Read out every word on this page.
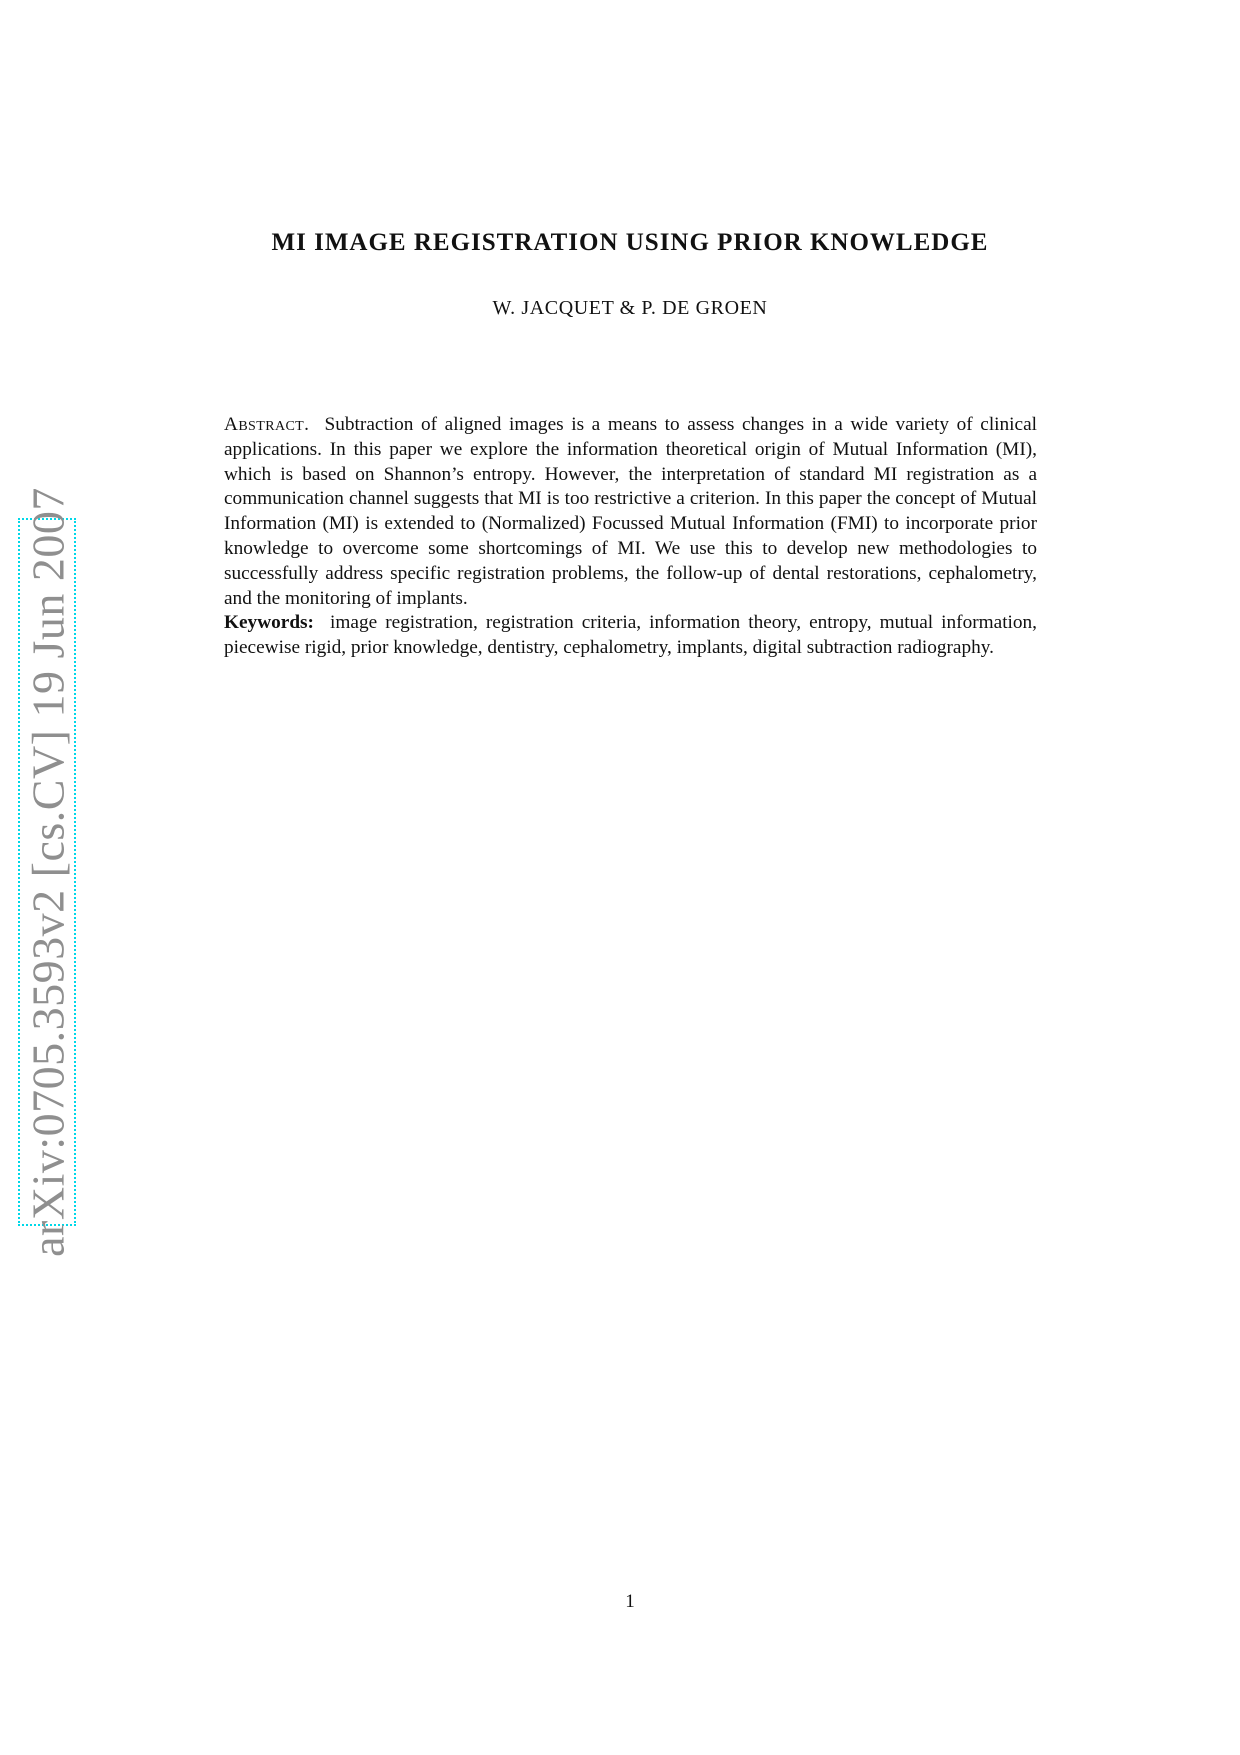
arXiv:0705.3593v2 [cs.CV] 19 Jun 2007
MI IMAGE REGISTRATION USING PRIOR KNOWLEDGE
W. JACQUET & P. DE GROEN

Abstract. Subtraction of aligned images is a means to assess changes in a wide variety of clinical applications. In this paper we explore the information theoretical origin of Mutual Information (MI), which is based on Shannon’s entropy. However, the interpretation of standard MI registration as a communication channel suggests that MI is too restrictive a criterion. In this paper the concept of Mutual Information (MI) is extended to (Normalized) Focussed Mutual Information (FMI) to incorporate prior knowledge to overcome some shortcomings of MI. We use this to develop new methodologies to successfully address specific registration problems, the follow-up of dental restorations, cephalometry, and the monitoring of implants.

Keywords: image registration, registration criteria, information theory, entropy, mutual information, piecewise rigid, prior knowledge, dentistry, cephalometry, implants, digital subtraction radiography.

1
